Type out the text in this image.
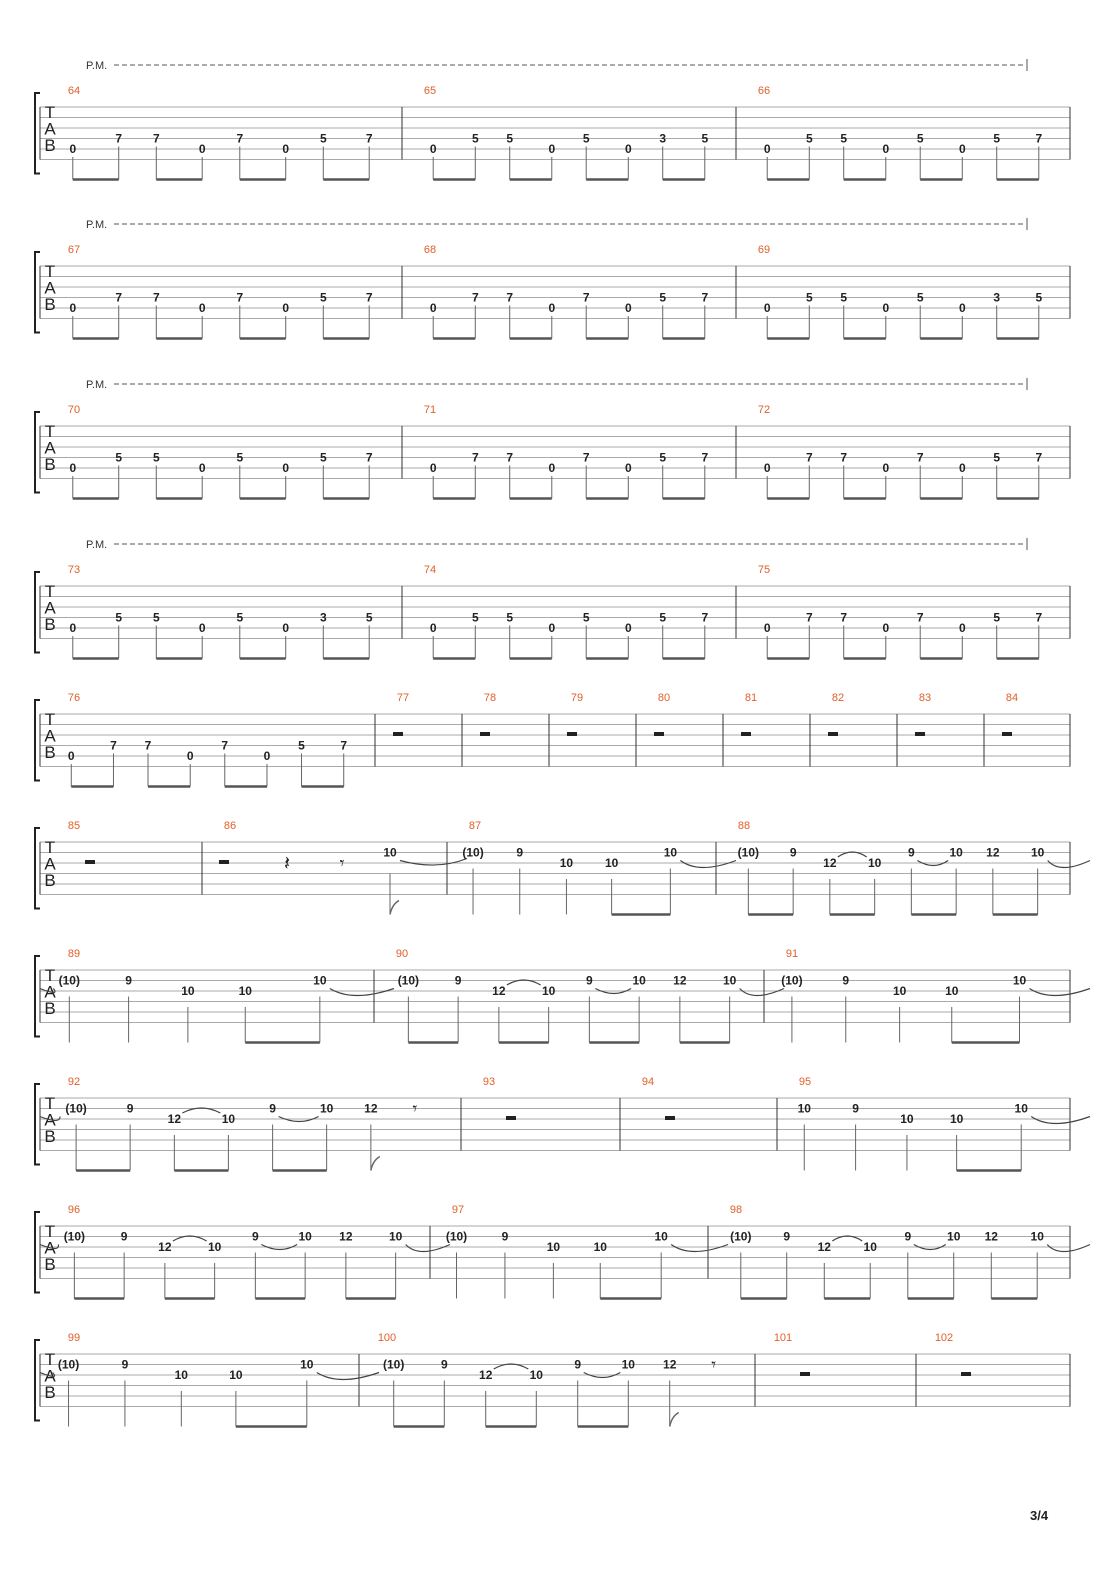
P.M.
T
A
B
64
0
7	7
0
7
0
5	7
65
0
5 5
0
5
0
3	5
66
0
5 5
0
5
0
5	7
P.M.
T
A
B
67
0
7	7
0
7
0
5	7
68
0
7 7
0
7
0
5	7
69
0
5 5
0
5
0
3	5
P.M.
T
A
B
70
0
5	5
0
5
0
5	7
71
0
7 7
0
7
0
5	7
72
0
7 7
0
7
0
5	7
P.M.
T
A
B
73
0
5	5
0
5
0
3	5
74
0
5 5
0
5
0
5	7
75
0
7 7
0
7
0
5	7
T
A
B
76
0
7 7
0
7
0
5	7
77	78	79	80	81	82	83	84
T
A
B
85	86
𝄽	𝄾
10
87
(10)	9
10	10
10
88
(10)	9
12	10
9	10 12	10
T
A
B
89
(10)	9
10	10
10
90
(10)	9
12	10
9	10 12	10
91
(10)	9
10	10
10
T
A
B
92
(10)	9
12	10
9	10	12 𝄾
93	94	95
10	9
10	10
10
T
A
B
96
(10)	9
12	10
9	10 12	10
97
(10)	9
10	10
10
98
(10)	9
12	10
9	10 12	10
T
A
B
99
(10)	9
10	10
10
100
(10)	9
12	10
9	10 12 𝄾
101	102
3/4
